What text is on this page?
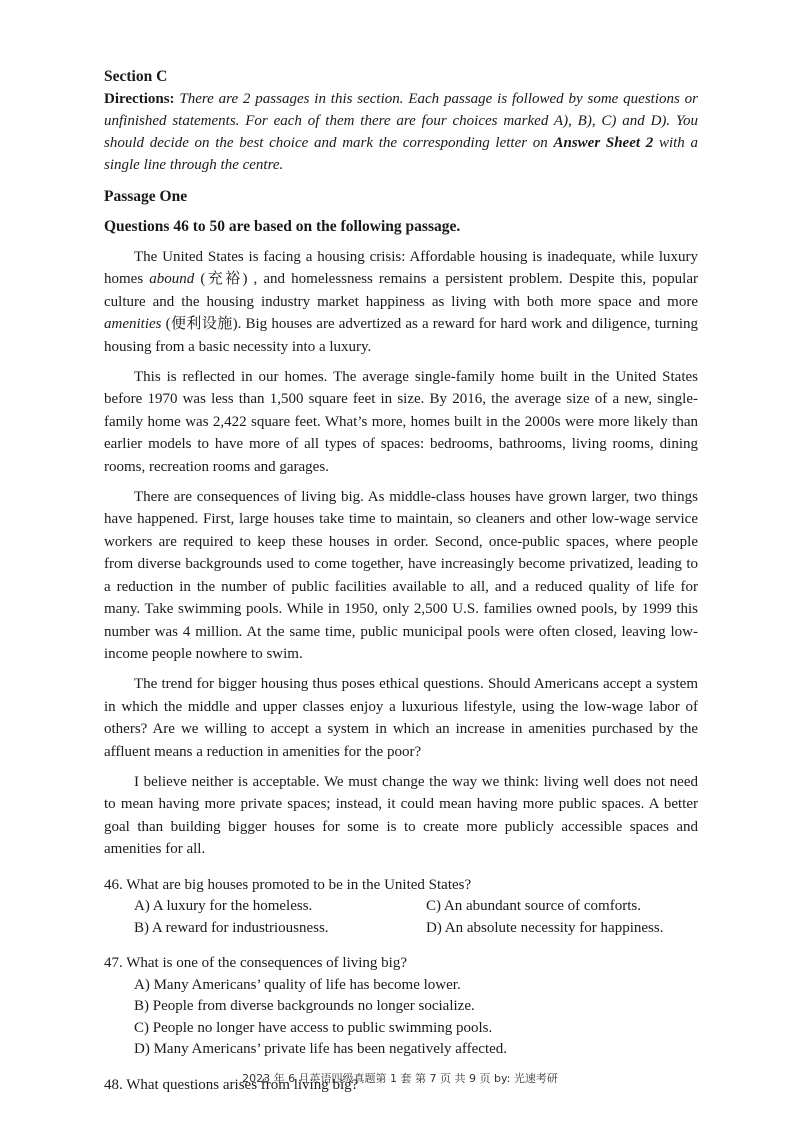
Section C

Directions: There are 2 passages in this section. Each passage is followed by some questions or unfinished statements. For each of them there are four choices marked A), B), C) and D). You should decide on the best choice and mark the corresponding letter on Answer Sheet 2 with a single line through the centre.

Passage One

Questions 46 to 50 are based on the following passage.

The United States is facing a housing crisis: Affordable housing is inadequate, while luxury homes abound (充裕) , and homelessness remains a persistent problem. Despite this, popular culture and the housing industry market happiness as living with both more space and more amenities (便利设施). Big houses are advertized as a reward for hard work and diligence, turning housing from a basic necessity into a luxury.

This is reflected in our homes. The average single-family home built in the United States before 1970 was less than 1,500 square feet in size. By 2016, the average size of a new, single-family home was 2,422 square feet. What’s more, homes built in the 2000s were more likely than earlier models to have more of all types of spaces: bedrooms, bathrooms, living rooms, dining rooms, recreation rooms and garages.

There are consequences of living big. As middle-class houses have grown larger, two things have happened. First, large houses take time to maintain, so cleaners and other low-wage service workers are required to keep these houses in order. Second, once-public spaces, where people from diverse backgrounds used to come together, have increasingly become privatized, leading to a reduction in the number of public facilities available to all, and a reduced quality of life for many. Take swimming pools. While in 1950, only 2,500 U.S. families owned pools, by 1999 this number was 4 million. At the same time, public municipal pools were often closed, leaving low-income people nowhere to swim.

The trend for bigger housing thus poses ethical questions. Should Americans accept a system in which the middle and upper classes enjoy a luxurious lifestyle, using the low-wage labor of others? Are we willing to accept a system in which an increase in amenities purchased by the affluent means a reduction in amenities for the poor?

I believe neither is acceptable. We must change the way we think: living well does not need to mean having more private spaces; instead, it could mean having more public spaces. A better goal than building bigger houses for some is to create more publicly accessible spaces and amenities for all.

46. What are big houses promoted to be in the United States?

A) A luxury for the homeless.	C) An abundant source of comforts.
B) A reward for industriousness.	D) An absolute necessity for happiness.

47. What is one of the consequences of living big?

A) Many Americans’ quality of life has become lower.

B) People from diverse backgrounds no longer socialize.

C) People no longer have access to public swimming pools.

D) Many Americans’ private life has been negatively affected.

48. What questions arises from living big?

2023 年 6 月英语四级真题第 1 套 第 7 页 共 9 页 by: 光速考研
